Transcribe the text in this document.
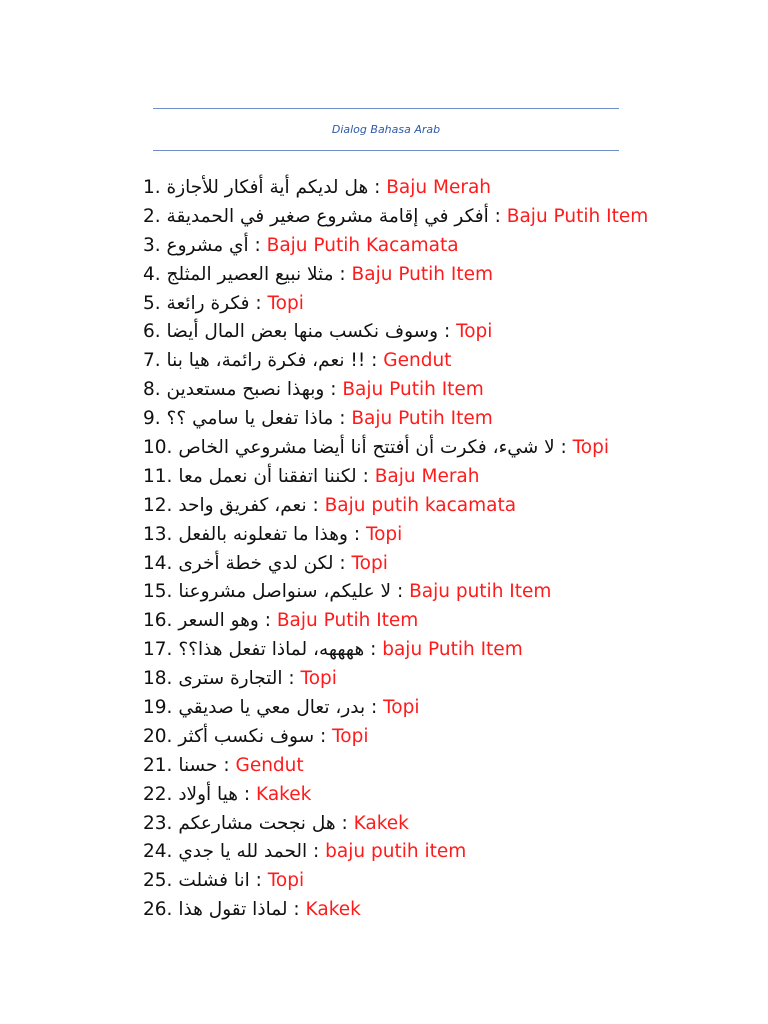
Dialog Bahasa Arab
1. هل لديكم أية أفكار للأجازة : Baju Merah
2. أفكر في إقامة مشروع صغير في الحمديقة : Baju Putih Item
3. أي مشروع : Baju Putih Kacamata
4. مثلا نبيع العصير المثلج : Baju Putih Item
5. فكرة رائعة : Topi
6. وسوف نكسب منها بعض المال أيضا : Topi
7. !! نعم، فكرة رائمة، هيا بنا : Gendut
8. وبهذا نصبح مستعدين : Baju Putih Item
9. ماذا تفعل يا سامي ؟؟ : Baju Putih Item
10. لا شيء، فكرت أن أفتتح أنا أيضا مشروعي الخاص : Topi
11. لكننا اتفقنا أن نعمل معا : Baju Merah
12. نعم، كفريق واحد : Baju putih kacamata
13. وهذا ما تفعلونه بالفعل : Topi
14. لكن لدي خطة أخرى : Topi
15. لا عليكم، سنواصل مشروعنا : Baju putih Item
16. وهو السعر : Baju Putih Item
17. ههههه، لماذا تفعل هذا؟؟ : baju Putih Item
18. التجارة سترى : Topi
19. بدر، تعال معي يا صديقي : Topi
20. سوف نكسب أكثر : Topi
21. حسنا : Gendut
22. هيا أولاد : Kakek
23. هل نجحت مشارعكم : Kakek
24. الحمد لله يا جدي : baju putih item
25. انا فشلت : Topi
26. لماذا تقول هذا : Kakek
